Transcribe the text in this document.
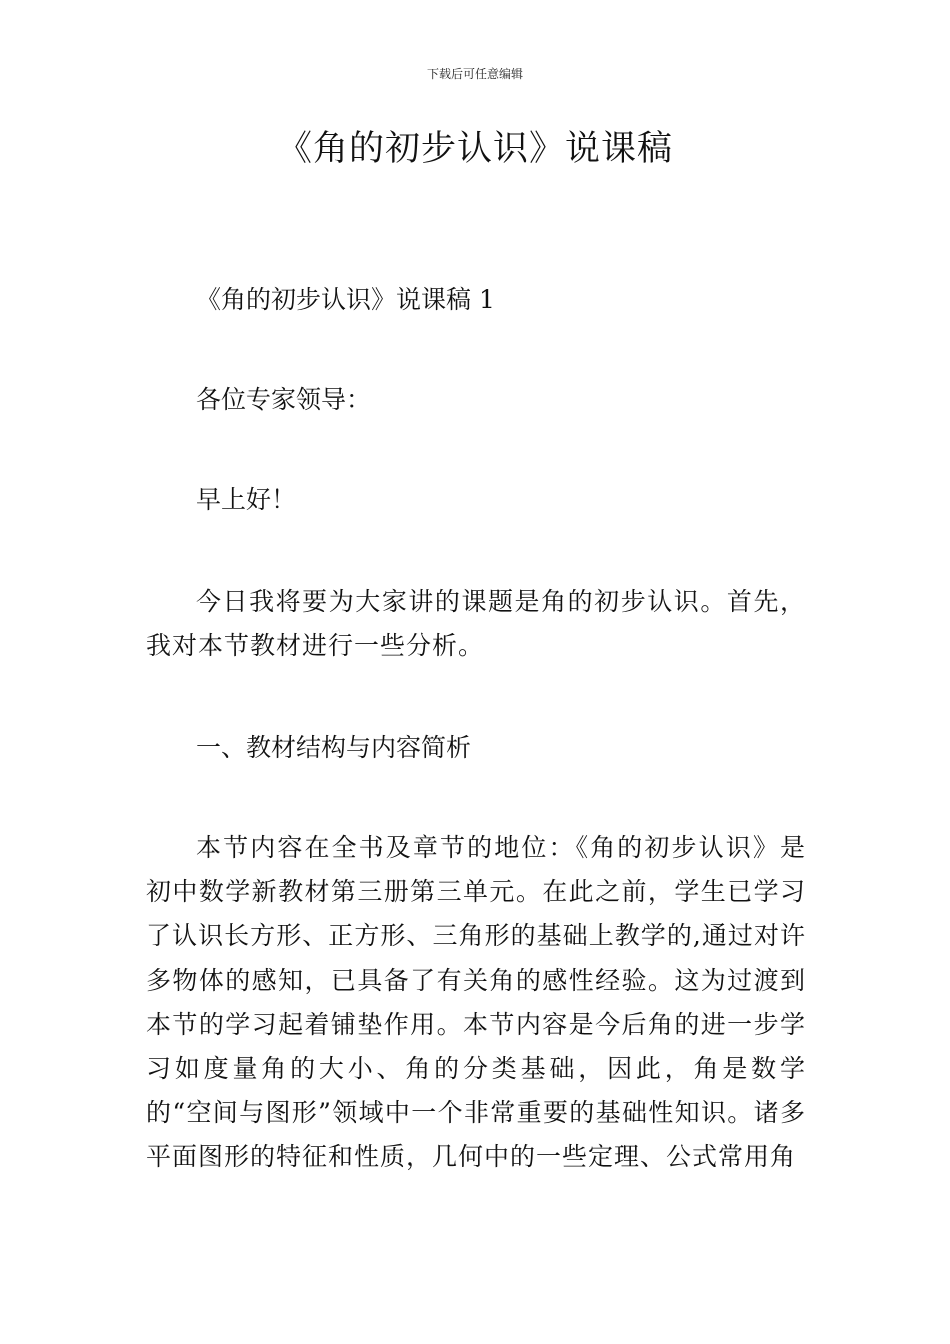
下载后可任意编辑
《角的初步认识》说课稿

《角的初步认识》说课稿 1

各位专家领导：

早上好！

今日我将要为大家讲的课题是角的初步认识。首先，我对本节教材进行一些分析。

一、教材结构与内容简析

本节内容在全书及章节的地位：《角的初步认识》是初中数学新教材第三册第三单元。在此之前，学生已学习了认识长方形、正方形、三角形的基础上教学的,通过对许多物体的感知，已具备了有关角的感性经验。这为过渡到本节的学习起着铺垫作用。本节内容是今后角的进一步学习如度量角的大小、角的分类基础，因此，角是数学的“空间与图形”领域中一个非常重要的基础性知识。诸多平面图形的特征和性质，几何中的一些定理、公式常用角
